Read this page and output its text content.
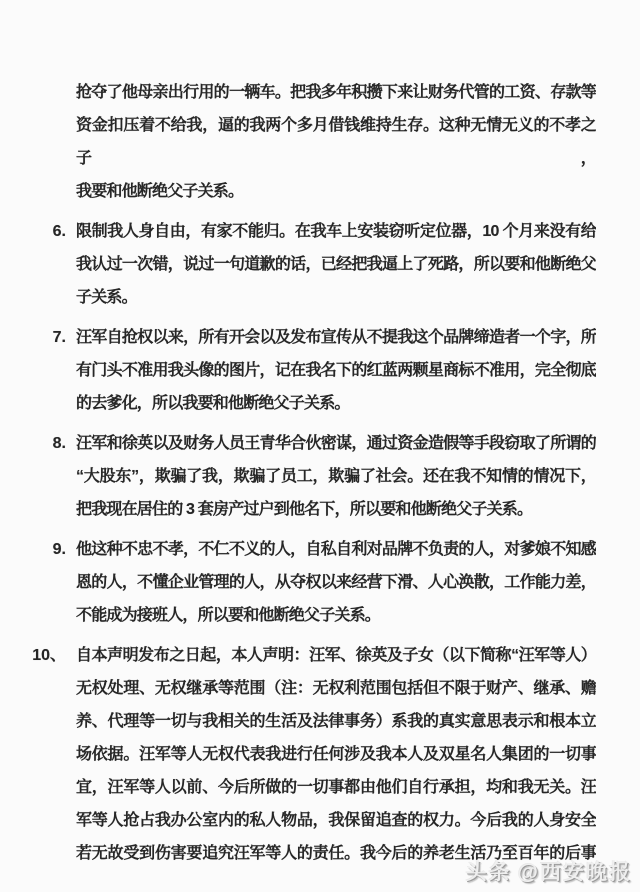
抢夺了他母亲出行用的一辆车。把我多年积攒下来让财务代管的工资、存款等
资金扣压着不给我，逼的我两个多月借钱维持生存。这种无情无义的不孝之子，
我要和他断绝父子关系。
6. 限制我人身自由，有家不能归。在我车上安装窃听定位器，10 个月来没有给
我认过一次错，说过一句道歉的话，已经把我逼上了死路，所以要和他断绝父
子关系。
7. 汪军自抢权以来，所有开会以及发布宣传从不提我这个品牌缔造者一个字，所
有门头不准用我头像的图片，记在我名下的红蓝两颗星商标不准用，完全彻底
的去爹化，所以我要和他断绝父子关系。
8. 汪军和徐英以及财务人员王青华合伙密谋，通过资金造假等手段窃取了所谓的
“大股东”，欺骗了我，欺骗了员工，欺骗了社会。还在我不知情的情况下，
把我现在居住的 3 套房产过户到他名下，所以要和他断绝父子关系。
9. 他这种不忠不孝，不仁不义的人，自私自利对品牌不负责的人，对爹娘不知感
恩的人，不懂企业管理的人，从夺权以来经营下滑、人心涣散，工作能力差，
不能成为接班人，所以要和他断绝父子关系。
10、 自本声明发布之日起，本人声明：汪军、徐英及子女（以下简称“汪军等人）
无权处理、无权继承等范围（注：无权利范围包括但不限于财产、继承、赡
养、代理等一切与我相关的生活及法律事务）系我的真实意思表示和根本立
场依据。汪军等人无权代表我进行任何涉及我本人及双星名人集团的一切事
宜，汪军等人以前、今后所做的一切事都由他们自行承担，均和我无关。汪
军等人抢占我办公室内的私人物品，我保留追查的权力。今后我的人身安全
若无故受到伤害要追究汪军等人的责任。我今后的养老生活乃至百年的后事
头条 @西安晚报
